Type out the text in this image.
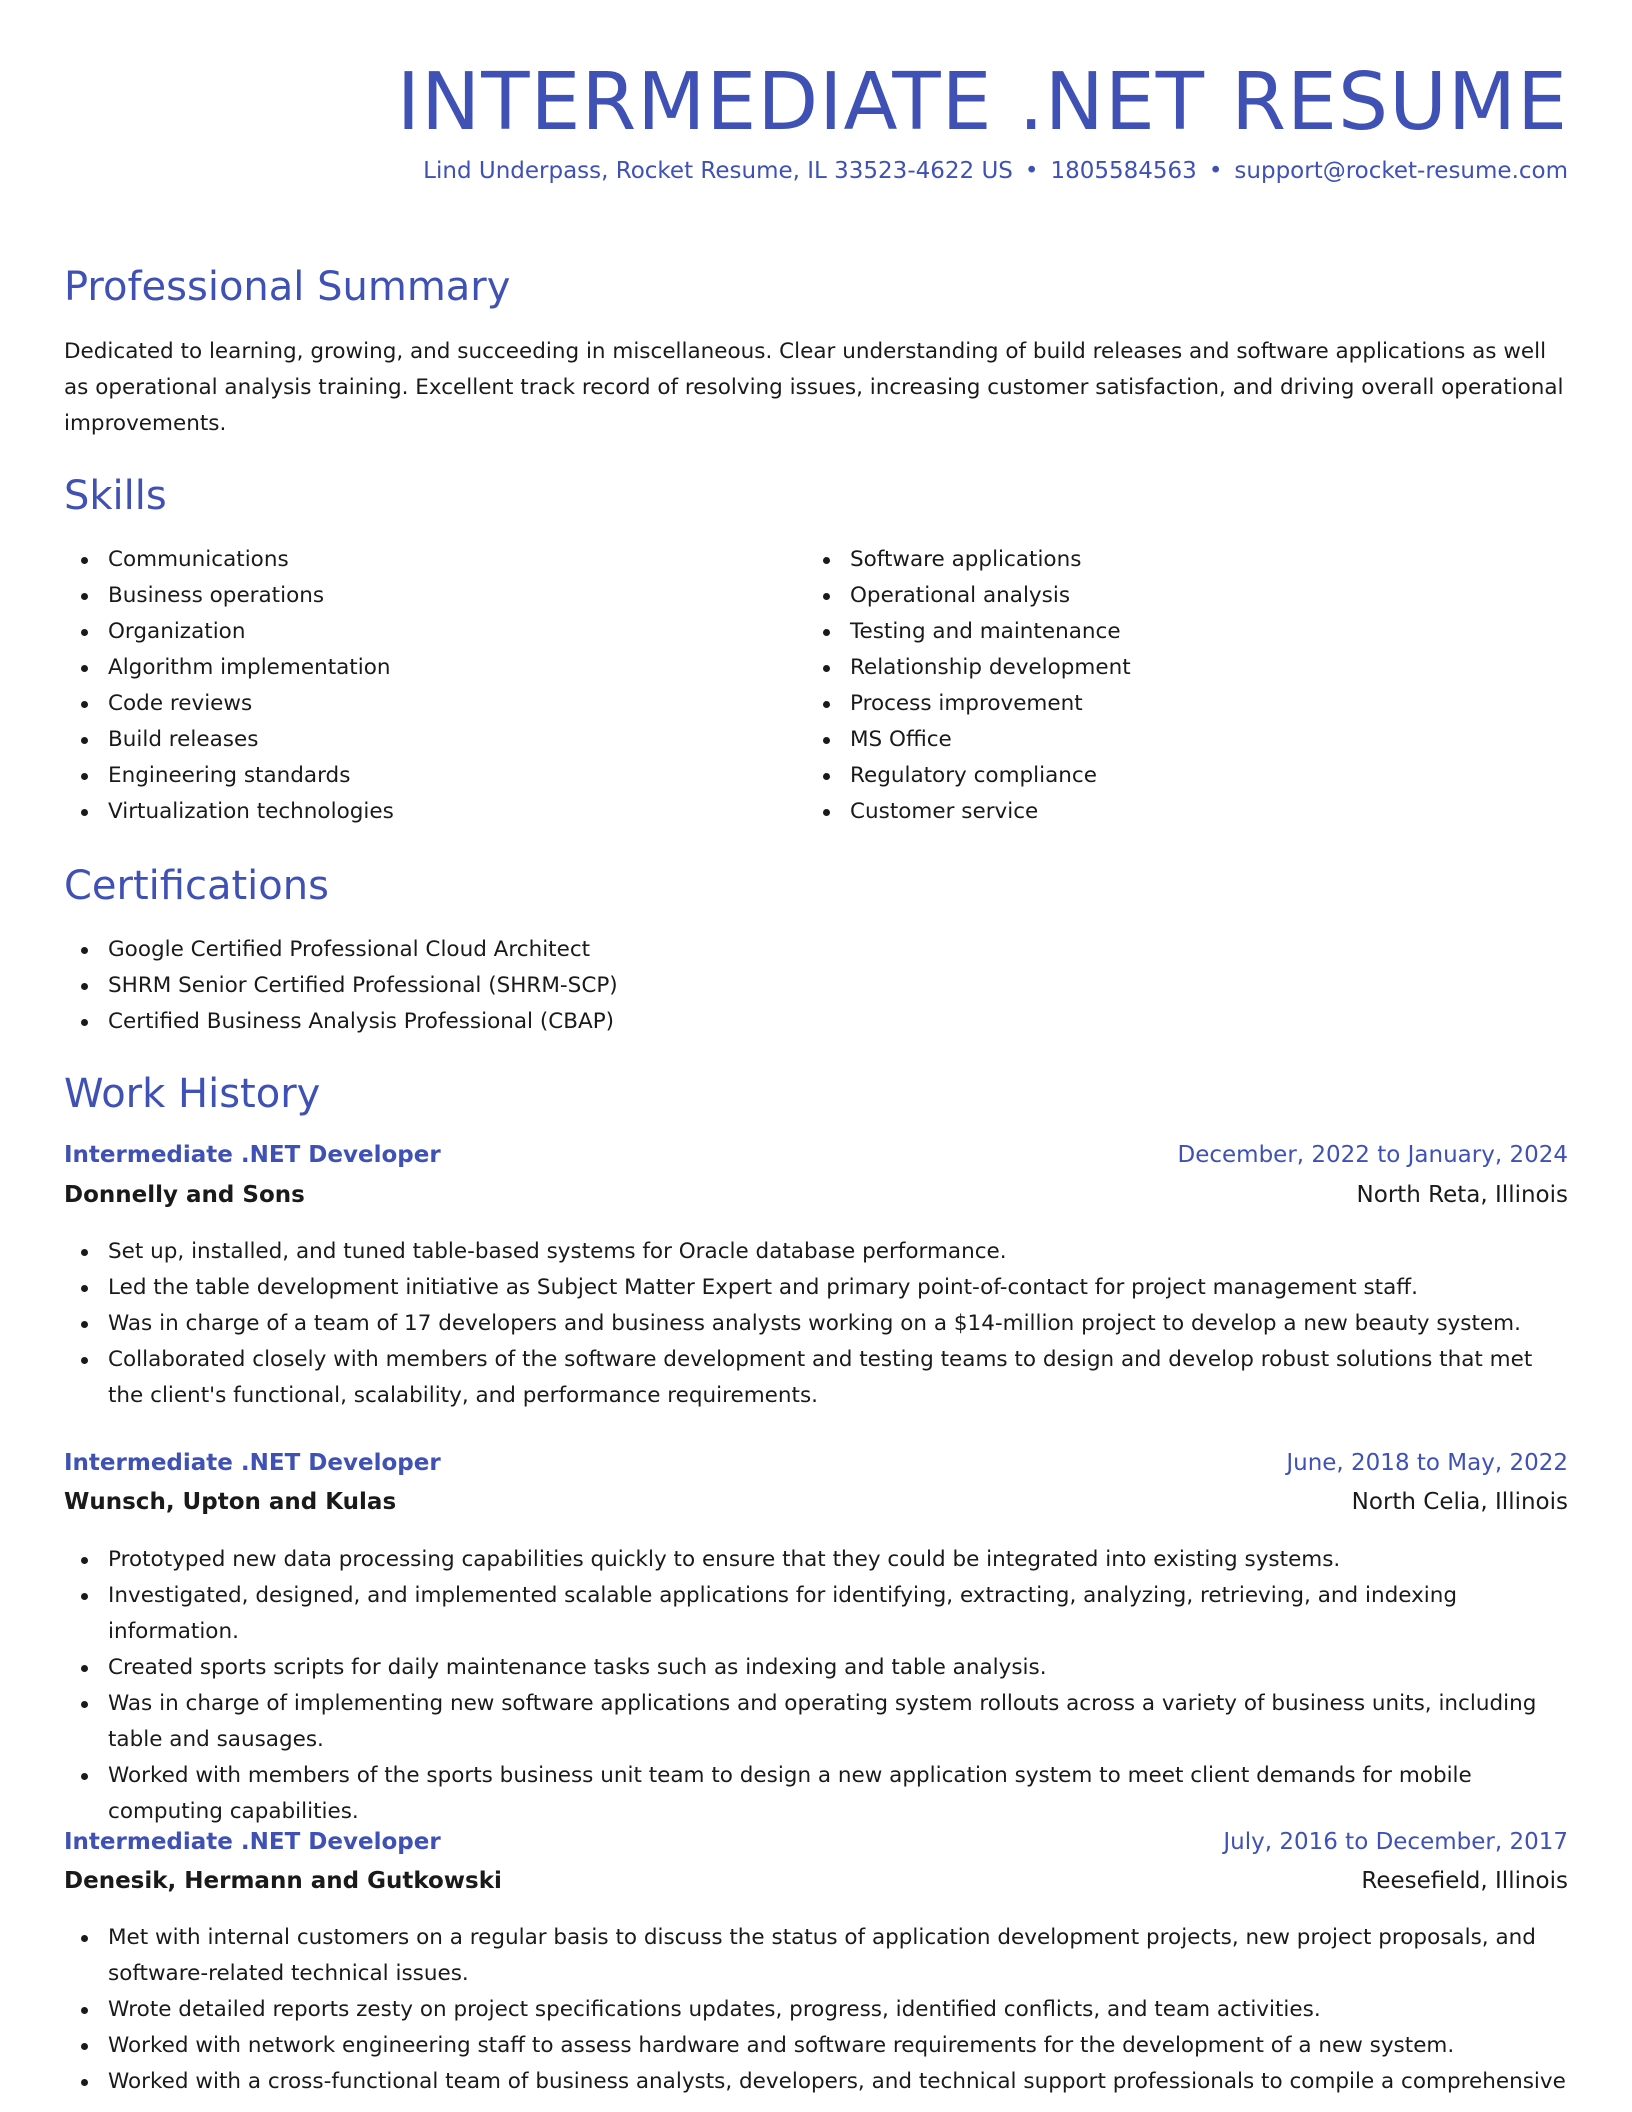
INTERMEDIATE .NET RESUME
Lind Underpass, Rocket Resume, IL 33523-4622 US • 1805584563 • support@rocket-resume.com
Professional Summary

Dedicated to learning, growing, and succeeding in miscellaneous. Clear understanding of build releases and software applications as well as operational analysis training. Excellent track record of resolving issues, increasing customer satisfaction, and driving overall operational improvements.

Skills
Communications
Business operations
Organization
Algorithm implementation
Code reviews
Build releases
Engineering standards
Virtualization technologies
Software applications
Operational analysis
Testing and maintenance
Relationship development
Process improvement
MS Office
Regulatory compliance
Customer service
Certifications
Google Certified Professional Cloud Architect
SHRM Senior Certified Professional (SHRM-SCP)
Certified Business Analysis Professional (CBAP)
Work History
Intermediate .NET Developer	December, 2022 to January, 2024
Donnelly and Sons	North Reta, Illinois
Set up, installed, and tuned table-based systems for Oracle database performance.
Led the table development initiative as Subject Matter Expert and primary point-of-contact for project management staff.
Was in charge of a team of 17 developers and business analysts working on a $14-million project to develop a new beauty system.
Collaborated closely with members of the software development and testing teams to design and develop robust solutions that met the client's functional, scalability, and performance requirements.
Intermediate .NET Developer	June, 2018 to May, 2022
Wunsch, Upton and Kulas	North Celia, Illinois
Prototyped new data processing capabilities quickly to ensure that they could be integrated into existing systems.
Investigated, designed, and implemented scalable applications for identifying, extracting, analyzing, retrieving, and indexing information.
Created sports scripts for daily maintenance tasks such as indexing and table analysis.
Was in charge of implementing new software applications and operating system rollouts across a variety of business units, including table and sausages.
Worked with members of the sports business unit team to design a new application system to meet client demands for mobile computing capabilities.
Intermediate .NET Developer	July, 2016 to December, 2017
Denesik, Hermann and Gutkowski	Reesefield, Illinois
Met with internal customers on a regular basis to discuss the status of application development projects, new project proposals, and software-related technical issues.
Wrote detailed reports zesty on project specifications updates, progress, identified conflicts, and team activities.
Worked with network engineering staff to assess hardware and software requirements for the development of a new system.
Worked with a cross-functional team of business analysts, developers, and technical support professionals to compile a comprehensive
